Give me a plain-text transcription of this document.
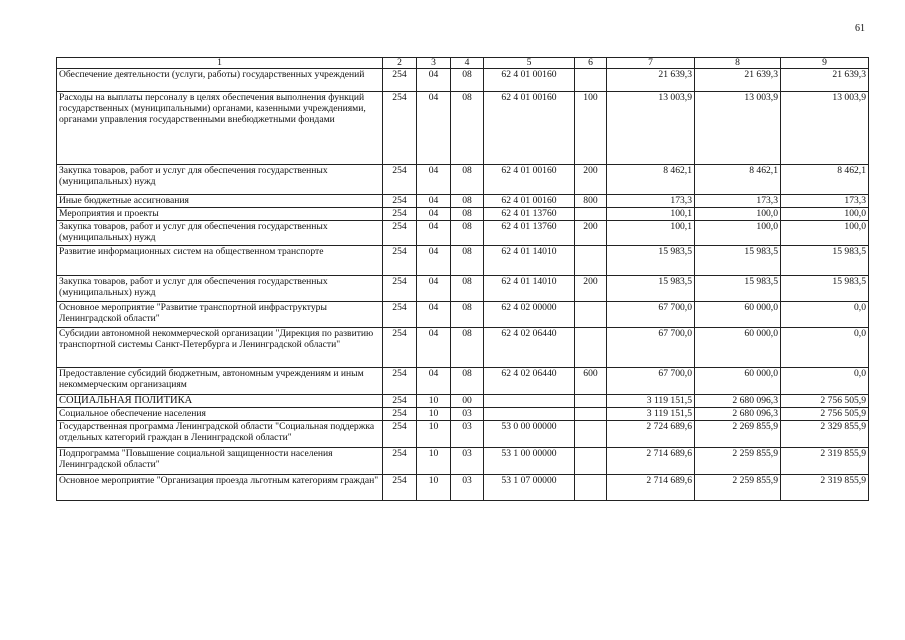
61
1	2	3	4	5	6	7	8	9
Обеспечение деятельности (услуги, работы) государственных учреждений	254	04	08	62 4 01 00160		21 639,3	21 639,3	21 639,3
Расходы на выплаты персоналу в целях обеспечения выполнения функций государственных (муниципальными) органами, казенными учреждениями, органами управления государственными внебюджетными фондами	254	04	08	62 4 01 00160	100	13 003,9	13 003,9	13 003,9
Закупка товаров, работ и услуг для обеспечения государственных (муниципальных) нужд	254	04	08	62 4 01 00160	200	8 462,1	8 462,1	8 462,1
Иные бюджетные ассигнования	254	04	08	62 4 01 00160	800	173,3	173,3	173,3
Мероприятия и проекты	254	04	08	62 4 01 13760		100,1	100,0	100,0
Закупка товаров, работ и услуг для обеспечения государственных (муниципальных) нужд	254	04	08	62 4 01 13760	200	100,1	100,0	100,0
Развитие информационных систем на общественном транспорте	254	04	08	62 4 01 14010		15 983,5	15 983,5	15 983,5
Закупка товаров, работ и услуг для обеспечения государственных (муниципальных) нужд	254	04	08	62 4 01 14010	200	15 983,5	15 983,5	15 983,5
Основное мероприятие "Развитие транспортной инфраструктуры Ленинградской области"	254	04	08	62 4 02 00000		67 700,0	60 000,0	0,0
Субсидии автономной некоммерческой организации "Дирекция по развитию транспортной системы Санкт-Петербурга и Ленинградской области"	254	04	08	62 4 02 06440		67 700,0	60 000,0	0,0
Предоставление субсидий бюджетным, автономным учреждениям и иным некоммерческим организациям	254	04	08	62 4 02 06440	600	67 700,0	60 000,0	0,0
СОЦИАЛЬНАЯ ПОЛИТИКА	254	10	00			3 119 151,5	2 680 096,3	2 756 505,9
Социальное обеспечение населения	254	10	03			3 119 151,5	2 680 096,3	2 756 505,9
Государственная программа Ленинградской области "Социальная поддержка отдельных категорий граждан в Ленинградской области"	254	10	03	53 0 00 00000		2 724 689,6	2 269 855,9	2 329 855,9
Подпрограмма "Повышение социальной защищенности населения Ленинградской области"	254	10	03	53 1 00 00000		2 714 689,6	2 259 855,9	2 319 855,9
Основное мероприятие "Организация проезда льготным категориям граждан"	254	10	03	53 1 07 00000		2 714 689,6	2 259 855,9	2 319 855,9
